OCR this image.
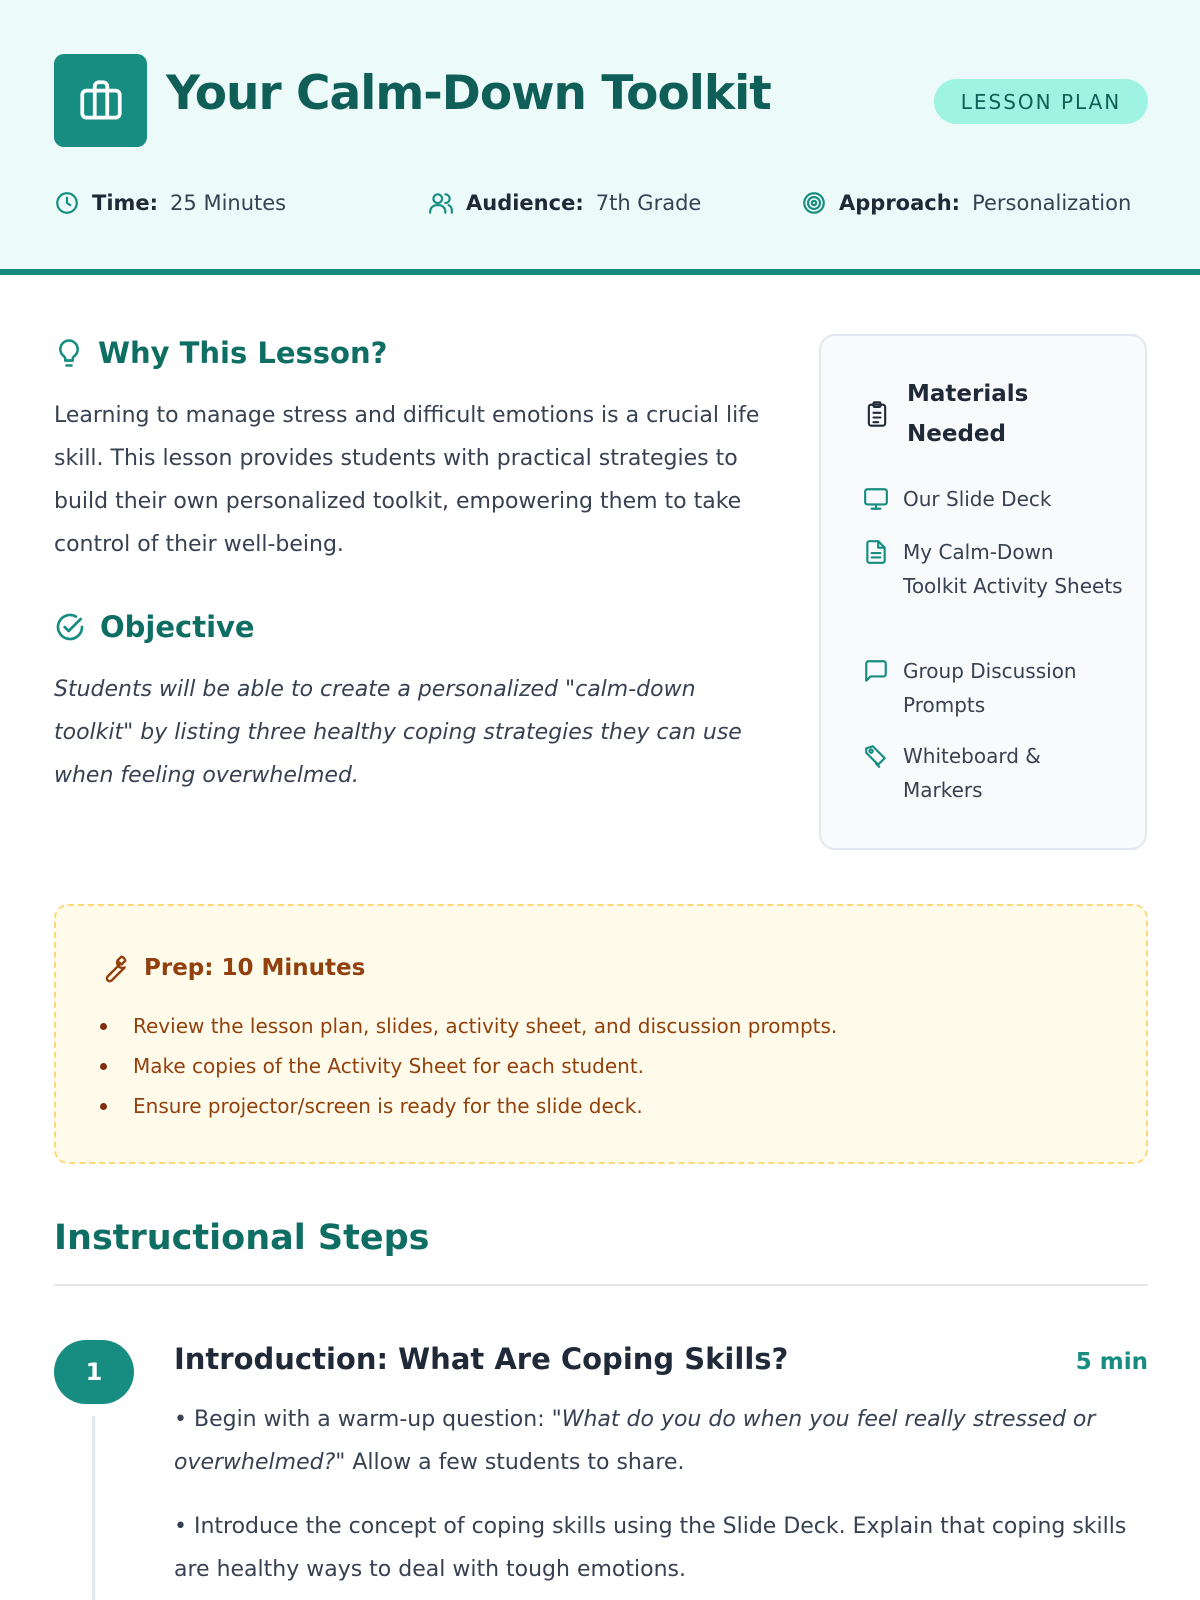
Your Calm-Down Toolkit	LESSON PLAN
Time: 25 Minutes	Audience: 7th Grade	Approach: Personalization
Why This Lesson?

Learning to manage stress and difficult emotions is a crucial life skill. This lesson provides students with practical strategies to build their own personalized toolkit, empowering them to take control of their well-being.

Objective

Students will be able to create a personalized "calm-down toolkit" by listing three healthy coping strategies they can use when feeling overwhelmed.

Materials Needed
Our Slide Deck
My Calm-Down Toolkit Activity Sheets
Group Discussion Prompts
Whiteboard & Markers
Prep: 10 Minutes
Review the lesson plan, slides, activity sheet, and discussion prompts.
Make copies of the Activity Sheet for each student.
Ensure projector/screen is ready for the slide deck.
Instructional Steps
1	Introduction: What Are Coping Skills?	5 min

• Begin with a warm-up question: "What do you do when you feel really stressed or overwhelmed?" Allow a few students to share.

• Introduce the concept of coping skills using the Slide Deck. Explain that coping skills are healthy ways to deal with tough emotions.
